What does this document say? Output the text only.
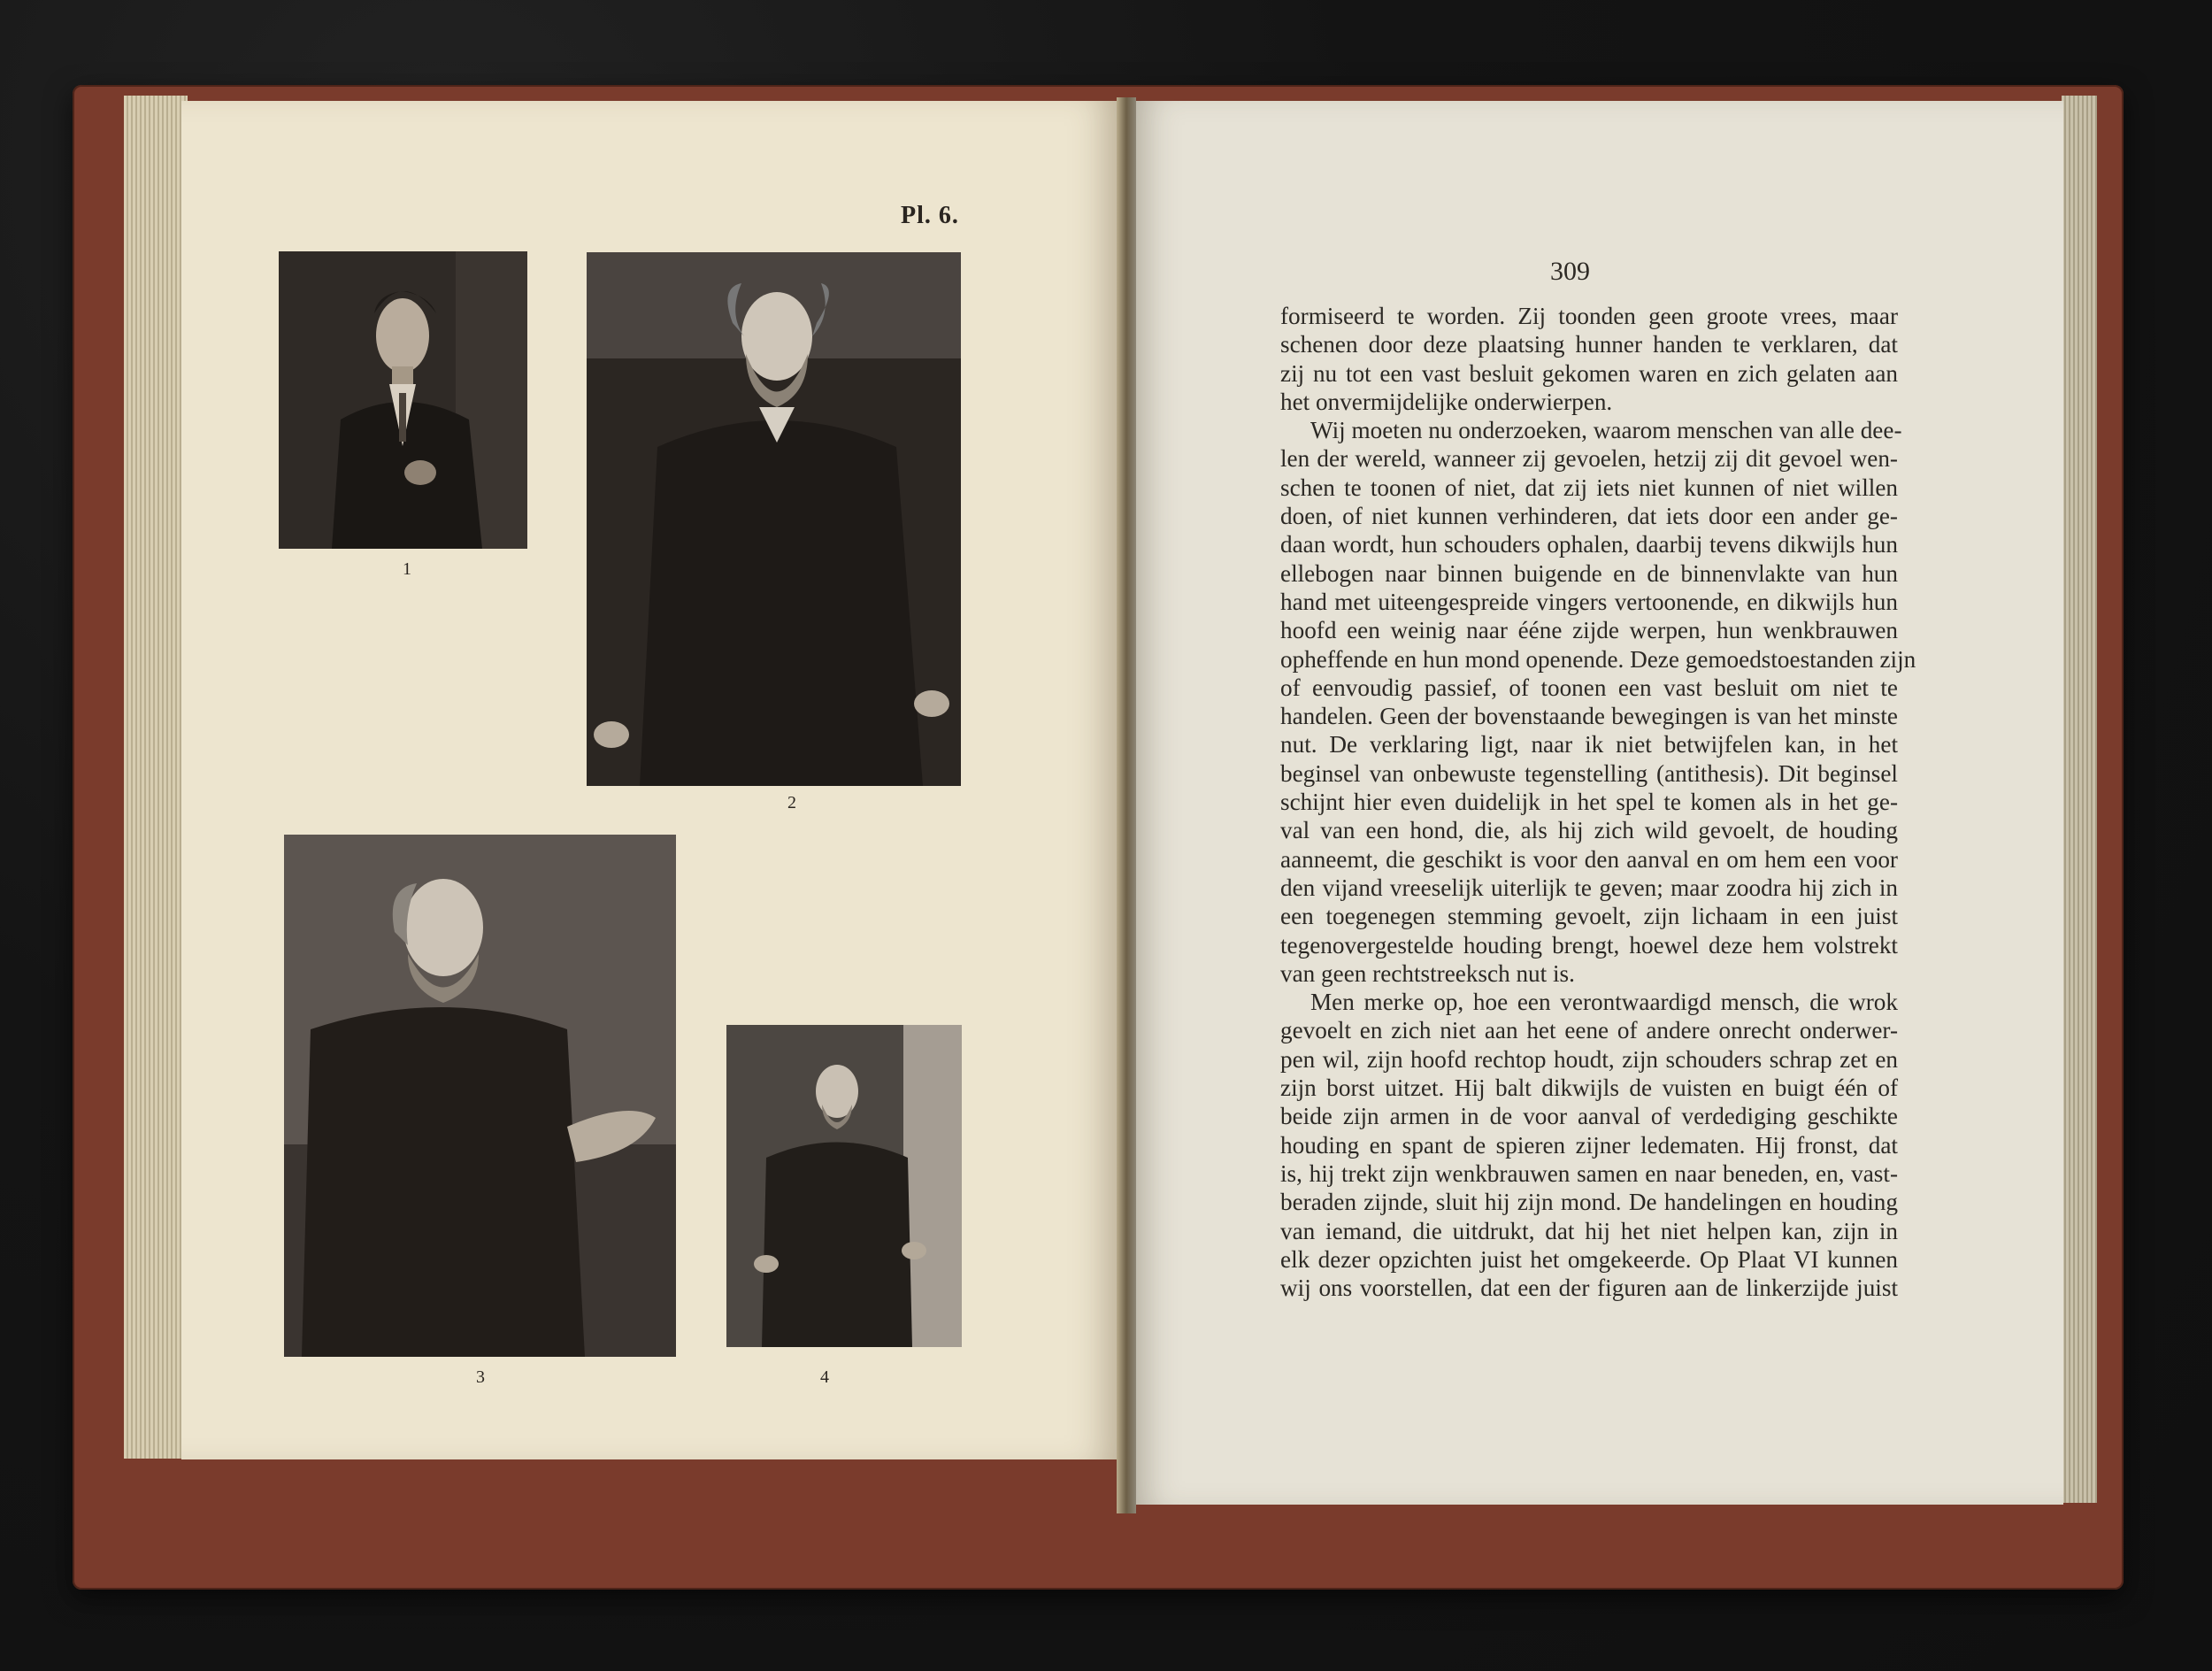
Pl. 6.
1
2
3	4
309
formiseerd te worden. Zij toonden geen groote vrees, maar
schenen door deze plaatsing hunner handen te verklaren, dat
zij nu tot een vast besluit gekomen waren en zich gelaten aan
het onvermijdelijke onderwierpen.
Wij moeten nu onderzoeken, waarom menschen van alle dee-
len der wereld, wanneer zij gevoelen, hetzij zij dit gevoel wen-
schen te toonen of niet, dat zij iets niet kunnen of niet willen
doen, of niet kunnen verhinderen, dat iets door een ander ge-
daan wordt, hun schouders ophalen, daarbij tevens dikwijls hun
ellebogen naar binnen buigende en de binnenvlakte van hun
hand met uiteengespreide vingers vertoonende, en dikwijls hun
hoofd een weinig naar ééne zijde werpen, hun wenkbrauwen
opheffende en hun mond openende. Deze gemoedstoestanden zijn
of eenvoudig passief, of toonen een vast besluit om niet te
handelen. Geen der bovenstaande bewegingen is van het minste
nut. De verklaring ligt, naar ik niet betwijfelen kan, in het
beginsel van onbewuste tegenstelling (antithesis). Dit beginsel
schijnt hier even duidelijk in het spel te komen als in het ge-
val van een hond, die, als hij zich wild gevoelt, de houding
aanneemt, die geschikt is voor den aanval en om hem een voor
den vijand vreeselijk uiterlijk te geven; maar zoodra hij zich in
een toegenegen stemming gevoelt, zijn lichaam in een juist
tegenovergestelde houding brengt, hoewel deze hem volstrekt
van geen rechtstreeksch nut is.
Men merke op, hoe een verontwaardigd mensch, die wrok
gevoelt en zich niet aan het eene of andere onrecht onderwer-
pen wil, zijn hoofd rechtop houdt, zijn schouders schrap zet en
zijn borst uitzet. Hij balt dikwijls de vuisten en buigt één of
beide zijn armen in de voor aanval of verdediging geschikte
houding en spant de spieren zijner ledematen. Hij fronst, dat
is, hij trekt zijn wenkbrauwen samen en naar beneden, en, vast-
beraden zijnde, sluit hij zijn mond. De handelingen en houding
van iemand, die uitdrukt, dat hij het niet helpen kan, zijn in
elk dezer opzichten juist het omgekeerde. Op Plaat VI kunnen
wij ons voorstellen, dat een der figuren aan de linkerzijde juist
